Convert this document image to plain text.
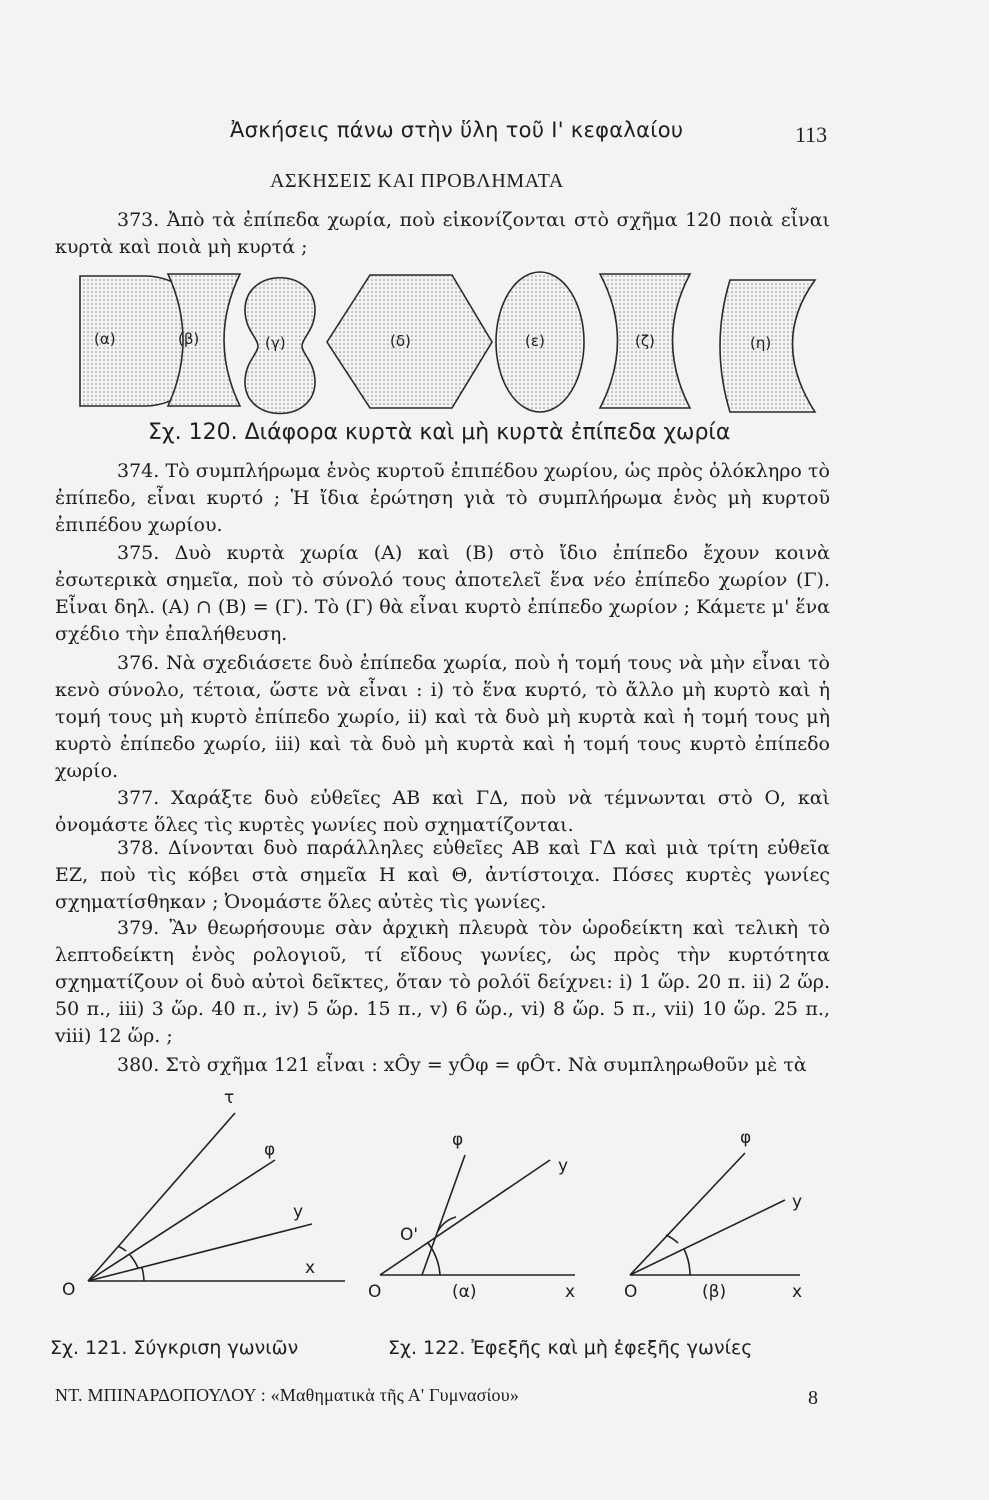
Ἀσκήσεις πάνω στὴν ὕλη τοῦ Ι' κεφαλαίου	113
ΑΣΚΗΣΕΙΣ ΚΑΙ ΠΡΟΒΛΗΜΑΤΑ

373. Ἀπὸ τὰ ἐπίπεδα χωρία, ποὺ εἰκονίζονται στὸ σχῆμα 120 ποιὰ εἶναι κυρτὰ καὶ ποιὰ μὴ κυρτά ;

(α)	(β)	(γ)	(δ)	(ε)	(ζ)	(η)
Σχ. 120. Διάφορα κυρτὰ καὶ μὴ κυρτὰ ἐπίπεδα χωρία

374. Τὸ συμπλήρωμα ἑνὸς κυρτοῦ ἐπιπέδου χωρίου, ὡς πρὸς ὁλόκληρο τὸ ἐπίπεδο, εἶναι κυρτό ; Ἡ ἴδια ἐρώτηση γιὰ τὸ συμπλήρωμα ἑνὸς μὴ κυρτοῦ ἐπιπέδου χωρίου.

375. Δυὸ κυρτὰ χωρία (Α) καὶ (Β) στὸ ἴδιο ἐπίπεδο ἔχουν κοινὰ ἐσωτερικὰ σημεῖα, ποὺ τὸ σύνολό τους ἀποτελεῖ ἕνα νέο ἐπίπεδο χωρίον (Γ). Εἶναι δηλ. (Α) ∩ (Β) = (Γ). Τὸ (Γ) θὰ εἶναι κυρτὸ ἐπίπεδο χωρίον ; Κάμετε μ' ἕνα σχέδιο τὴν ἐπαλήθευση.

376. Νὰ σχεδιάσετε δυὸ ἐπίπεδα χωρία, ποὺ ἡ τομή τους νὰ μὴν εἶναι τὸ κενὸ σύνολο, τέτοια, ὥστε νὰ εἶναι : i) τὸ ἕνα κυρτό, τὸ ἄλλο μὴ κυρτὸ καὶ ἡ τομή τους μὴ κυρτὸ ἐπίπεδο χωρίο, ii) καὶ τὰ δυὸ μὴ κυρτὰ καὶ ἡ τομή τους μὴ κυρτὸ ἐπίπεδο χωρίο, iii) καὶ τὰ δυὸ μὴ κυρτὰ καὶ ἡ τομή τους κυρτὸ ἐπίπεδο χωρίο.

377. Χαράξτε δυὸ εὐθεῖες ΑΒ καὶ ΓΔ, ποὺ νὰ τέμνωνται στὸ Ο, καὶ ὀνομάστε ὅλες τὶς κυρτὲς γωνίες ποὺ σχηματίζονται.

378. Δίνονται δυὸ παράλληλες εὐθεῖες ΑΒ καὶ ΓΔ καὶ μιὰ τρίτη εὐθεῖα ΕΖ, ποὺ τὶς κόβει στὰ σημεῖα Η καὶ Θ, ἀντίστοιχα. Πόσες κυρτὲς γωνίες σχηματίσθηκαν ; Ὀνομάστε ὅλες αὐτὲς τὶς γωνίες.

379. Ἂν θεωρήσουμε σὰν ἀρχικὴ πλευρὰ τὸν ὡροδείκτη καὶ τελικὴ τὸ λεπτοδείκτη ἑνὸς ρολογιοῦ, τί εἴδους γωνίες, ὡς πρὸς τὴν κυρτότητα σχηματίζουν οἱ δυὸ αὐτοὶ δεῖκτες, ὅταν τὸ ρολόϊ δείχνει: i) 1 ὥρ. 20 π. ii) 2 ὥρ. 50 π., iii) 3 ὥρ. 40 π., iv) 5 ὥρ. 15 π., v) 6 ὥρ., vi) 8 ὥρ. 5 π., vii) 10 ὥρ. 25 π., viii) 12 ὥρ. ;

380. Στὸ σχῆμα 121 εἶναι : xÔy = yÔφ = φÔτ. Νὰ συμπληρωθοῦν μὲ τὰ

τ
φ
y
x
O
Σχ. 121. Σύγκριση γωνιῶν
φ
y
O'
O	x
(α)
φ
y
O	x
(β)
Σχ. 122. Ἐφεξῆς καὶ μὴ ἐφεξῆς γωνίες
ΝΤ. ΜΠΙΝΑΡΔΟΠΟΥΛΟΥ : «Μαθηματικὰ τῆς Α' Γυμνασίου»	8
